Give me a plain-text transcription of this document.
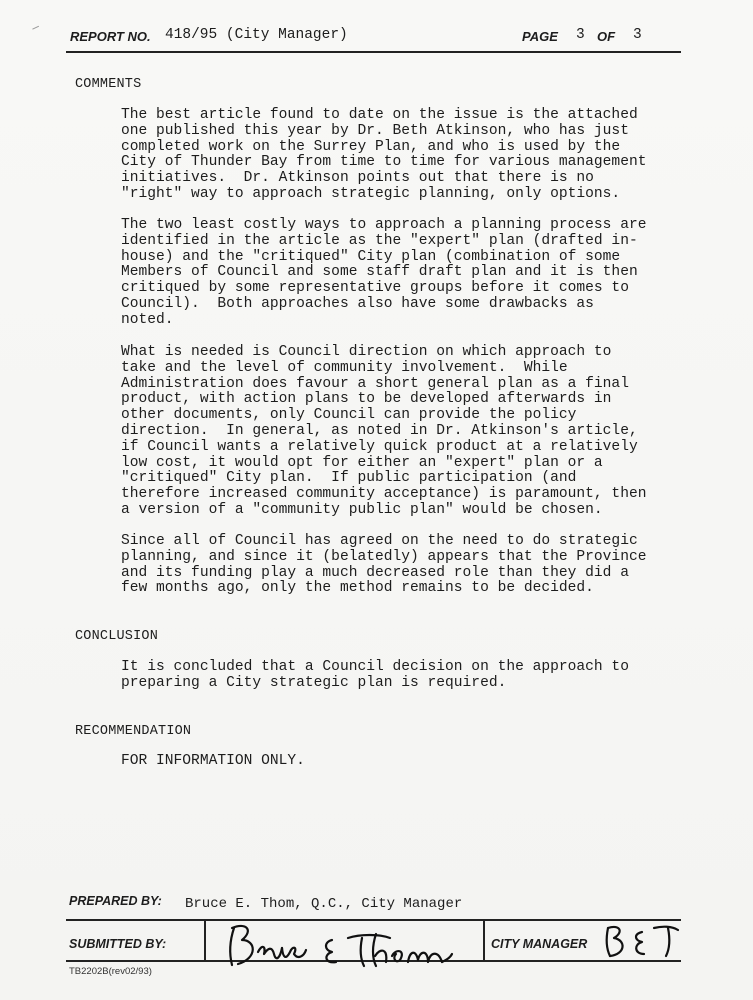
REPORT NO. 418/95 (City Manager)	PAGE 3 OF 3
COMMENTS
The best article found to date on the issue is the attached
one published this year by Dr. Beth Atkinson, who has just
completed work on the Surrey Plan, and who is used by the
City of Thunder Bay from time to time for various management
initiatives.  Dr. Atkinson points out that there is no
"right" way to approach strategic planning, only options.
The two least costly ways to approach a planning process are
identified in the article as the "expert" plan (drafted in-
house) and the "critiqued" City plan (combination of some
Members of Council and some staff draft plan and it is then
critiqued by some representative groups before it comes to
Council).  Both approaches also have some drawbacks as
noted.
What is needed is Council direction on which approach to
take and the level of community involvement.  While
Administration does favour a short general plan as a final
product, with action plans to be developed afterwards in
other documents, only Council can provide the policy
direction.  In general, as noted in Dr. Atkinson's article,
if Council wants a relatively quick product at a relatively
low cost, it would opt for either an "expert" plan or a
"critiqued" City plan.  If public participation (and
therefore increased community acceptance) is paramount, then
a version of a "community public plan" would be chosen.
Since all of Council has agreed on the need to do strategic
planning, and since it (belatedly) appears that the Province
and its funding play a much decreased role than they did a
few months ago, only the method remains to be decided.
CONCLUSION
It is concluded that a Council decision on the approach to
preparing a City strategic plan is required.
RECOMMENDATION
FOR INFORMATION ONLY.
PREPARED BY: Bruce E. Thom, Q.C., City Manager
SUBMITTED BY:	CITY MANAGER
TB2202B(rev02/93)
